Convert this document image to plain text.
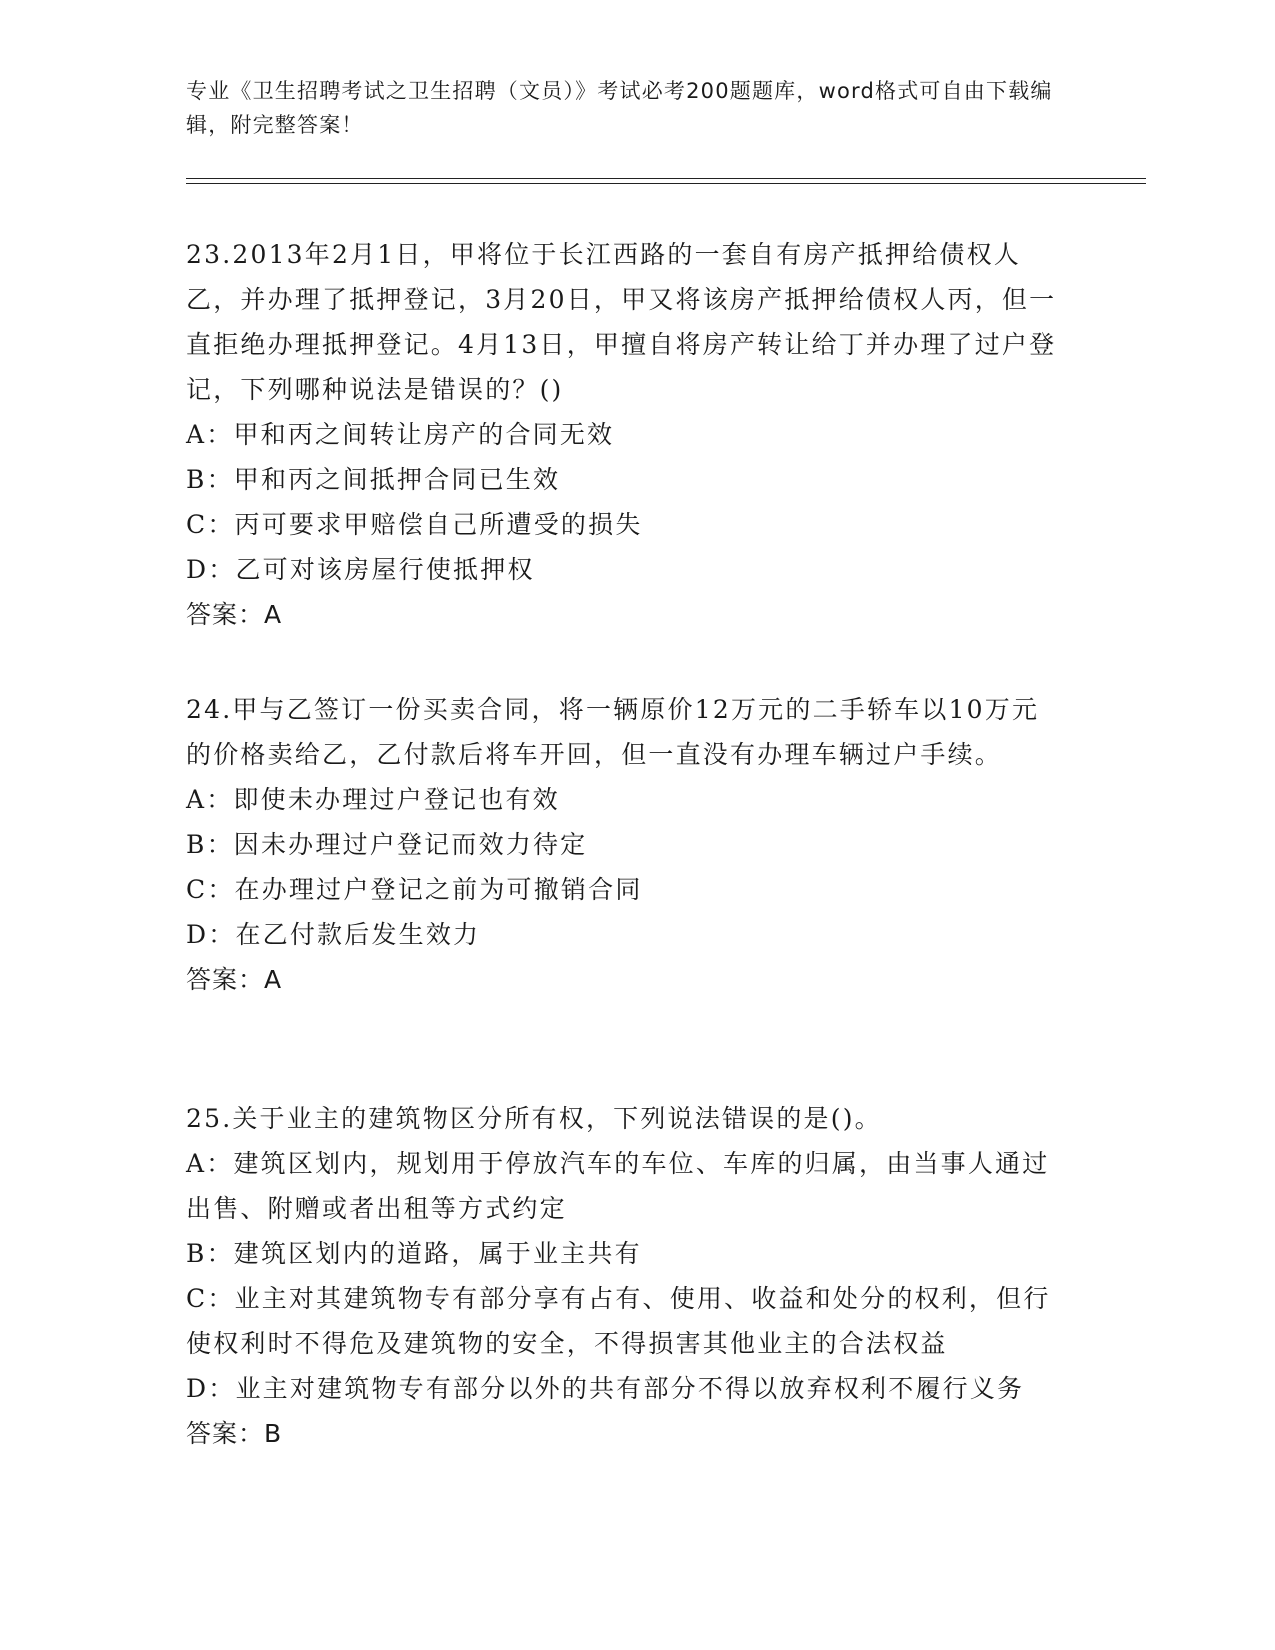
专业《卫生招聘考试之卫生招聘（文员）》考试必考200题题库，word格式可自由下载编辑，附完整答案！

23.2013年2月1日，甲将位于长江西路的一套自有房产抵押给债权人乙，并办理了抵押登记，3月20日，甲又将该房产抵押给债权人丙，但一直拒绝办理抵押登记。4月13日，甲擅自将房产转让给丁并办理了过户登记，下列哪种说法是错误的？()

A：甲和丙之间转让房产的合同无效

B：甲和丙之间抵押合同已生效

C：丙可要求甲赔偿自己所遭受的损失

D：乙可对该房屋行使抵押权

答案：A

24.甲与乙签订一份买卖合同，将一辆原价12万元的二手轿车以10万元的价格卖给乙，乙付款后将车开回，但一直没有办理车辆过户手续。

A：即使未办理过户登记也有效

B：因未办理过户登记而效力待定

C：在办理过户登记之前为可撤销合同

D：在乙付款后发生效力

答案：A

25.关于业主的建筑物区分所有权，下列说法错误的是()。

A：建筑区划内，规划用于停放汽车的车位、车库的归属，由当事人通过出售、附赠或者出租等方式约定

B：建筑区划内的道路，属于业主共有

C：业主对其建筑物专有部分享有占有、使用、收益和处分的权利，但行使权利时不得危及建筑物的安全，不得损害其他业主的合法权益

D：业主对建筑物专有部分以外的共有部分不得以放弃权利不履行义务

答案：B
